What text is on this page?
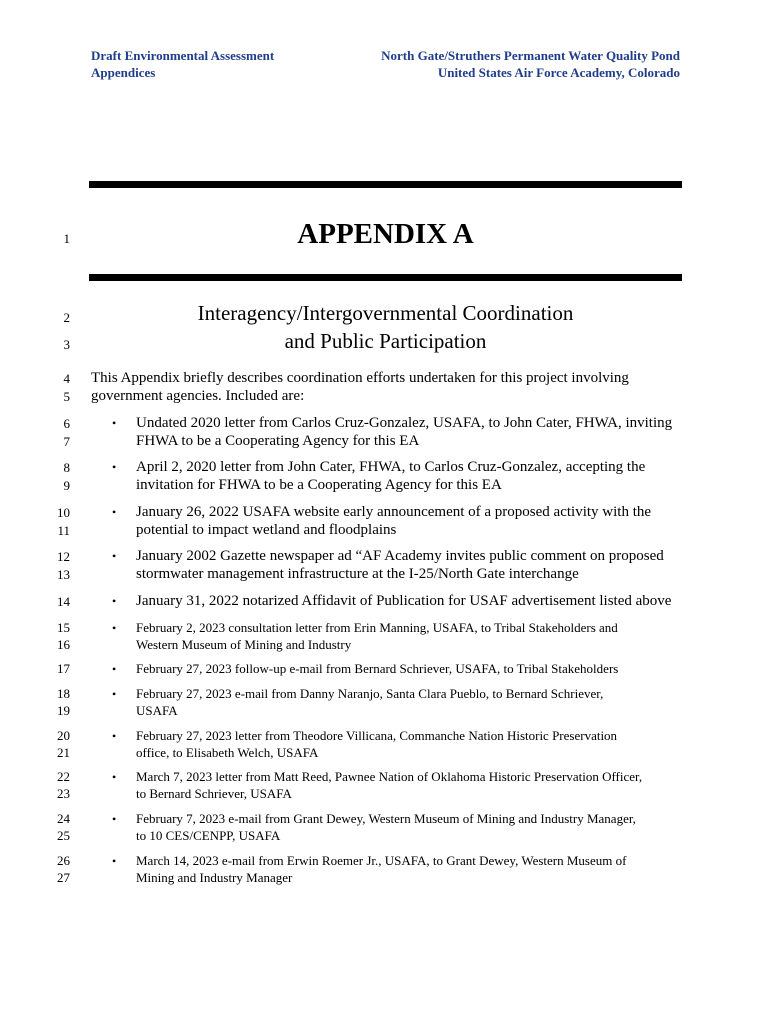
Draft Environmental Assessment
Appendices
North Gate/Struthers Permanent Water Quality Pond
United States Air Force Academy, Colorado
1	APPENDIX A
2
3
Interagency/Intergovernmental Coordination
and Public Participation
4
5
This Appendix briefly describes coordination efforts undertaken for this project involving
government agencies. Included are:
6
7
• Undated 2020 letter from Carlos Cruz-Gonzalez, USAFA, to John Cater, FHWA, inviting
FHWA to be a Cooperating Agency for this EA
8
9
• April 2, 2020 letter from John Cater, FHWA, to Carlos Cruz-Gonzalez, accepting the
invitation for FHWA to be a Cooperating Agency for this EA
10
11
• January 26, 2022 USAFA website early announcement of a proposed activity with the
potential to impact wetland and floodplains
12
13
• January 2002 Gazette newspaper ad “AF Academy invites public comment on proposed
stormwater management infrastructure at the I-25/North Gate interchange
14	• January 31, 2022 notarized Affidavit of Publication for USAF advertisement listed above
15
16
• February 2, 2023 consultation letter from Erin Manning, USAFA, to Tribal Stakeholders and
Western Museum of Mining and Industry
17	• February 27, 2023 follow-up e-mail from Bernard Schriever, USAFA, to Tribal Stakeholders
18
19
• February 27, 2023 e-mail from Danny Naranjo, Santa Clara Pueblo, to Bernard Schriever,
USAFA
20
21
• February 27, 2023 letter from Theodore Villicana, Commanche Nation Historic Preservation
office, to Elisabeth Welch, USAFA
22
23
• March 7, 2023 letter from Matt Reed, Pawnee Nation of Oklahoma Historic Preservation Officer,
to Bernard Schriever, USAFA
24
25
• February 7, 2023 e-mail from Grant Dewey, Western Museum of Mining and Industry Manager,
to 10 CES/CENPP, USAFA
26
27
• March 14, 2023 e-mail from Erwin Roemer Jr., USAFA, to Grant Dewey, Western Museum of
Mining and Industry Manager
